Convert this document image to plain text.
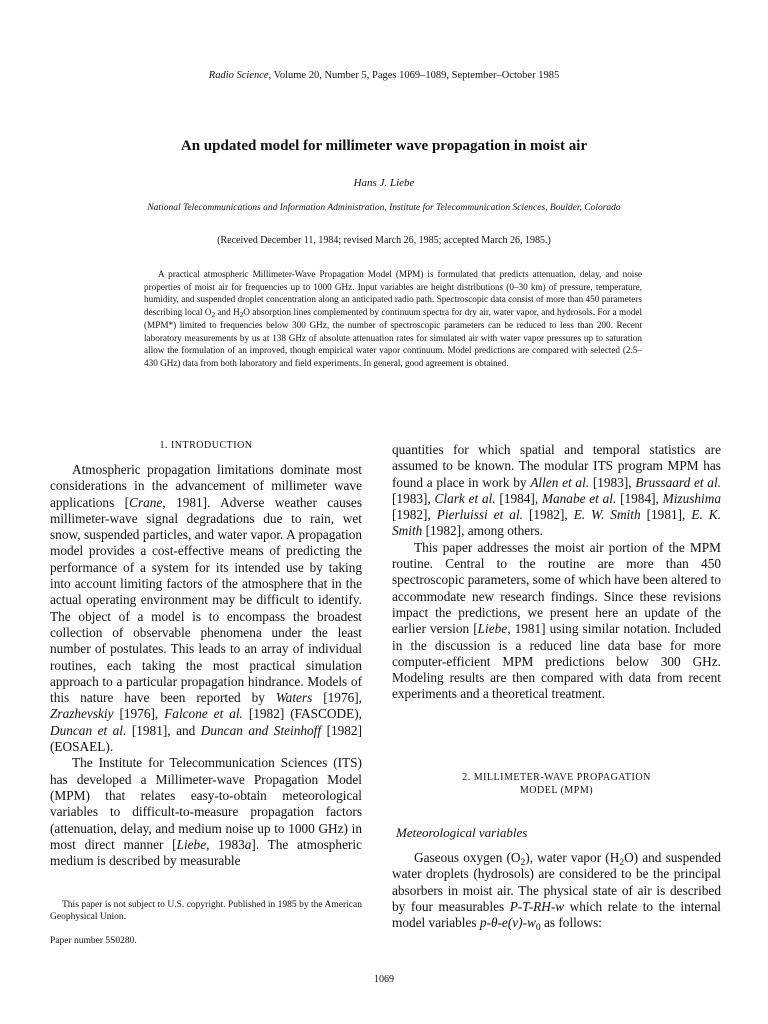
Radio Science, Volume 20, Number 5, Pages 1069–1089, September–October 1985
An updated model for millimeter wave propagation in moist air
Hans J. Liebe
National Telecommunications and Information Administration, Institute for Telecommunication Sciences, Boulder, Colorado
(Received December 11, 1984; revised March 26, 1985; accepted March 26, 1985.)

A practical atmospheric Millimeter-Wave Propagation Model (MPM) is formulated that predicts attenuation, delay, and noise properties of moist air for frequencies up to 1000 GHz. Input variables are height distributions (0–30 km) of pressure, temperature, humidity, and suspended droplet concentration along an anticipated radio path. Spectroscopic data consist of more than 450 parameters describing local $O_2$ and $H_2O$ absorption lines complemented by continuum spectra for dry air, water vapor, and hydrosols. For a model (MPM*) limited to frequencies below 300 GHz, the number of spectroscopic parameters can be reduced to less than 200. Recent laboratory measurements by us at 138 GHz of absolute attenuation rates for simulated air with water vapor pressures up to saturation allow the formulation of an improved, though empirical water vapor continuum. Model predictions are compared with selected (2.5–430 GHz) data from both laboratory and field experiments. In general, good agreement is obtained.

1. INTRODUCTION

Atmospheric propagation limitations dominate most considerations in the advancement of millimeter wave applications [Crane, 1981]. Adverse weather causes millimeter-wave signal degradations due to rain, wet snow, suspended particles, and water vapor. A propagation model provides a cost-effective means of predicting the performance of a system for its intended use by taking into account limiting factors of the atmosphere that in the actual operating environment may be difficult to identify. The object of a model is to encompass the broadest collection of observable phenomena under the least number of postulates. This leads to an array of individual routines, each taking the most practical simulation approach to a particular propagation hindrance. Models of this nature have been reported by Waters [1976], Zrazhevskiy [1976], Falcone et al. [1982] (FASCODE), Duncan et al. [1981], and Duncan and Steinhoff [1982] (EOSAEL).

The Institute for Telecommunication Sciences (ITS) has developed a Millimeter-wave Propagation Model (MPM) that relates easy-to-obtain meteorological variables to difficult-to-measure propagation factors (attenuation, delay, and medium noise up to 1000 GHz) in most direct manner [Liebe, 1983a]. The atmospheric medium is described by measurable

quantities for which spatial and temporal statistics are assumed to be known. The modular ITS program MPM has found a place in work by Allen et al. [1983], Brussaard et al. [1983], Clark et al. [1984], Manabe et al. [1984], Mizushima [1982], Pierluissi et al. [1982], E. W. Smith [1981], E. K. Smith [1982], among others.

This paper addresses the moist air portion of the MPM routine. Central to the routine are more than 450 spectroscopic parameters, some of which have been altered to accommodate new research findings. Since these revisions impact the predictions, we present here an update of the earlier version [Liebe, 1981] using similar notation. Included in the discussion is a reduced line data base for more computer-efficient MPM predictions below 300 GHz. Modeling results are then compared with data from recent experiments and a theoretical treatment.

2. MILLIMETER-WAVE PROPAGATION
MODEL (MPM)
Meteorological variables

Gaseous oxygen $(O_2)$, water vapor $(H_2O)$ and suspended water droplets (hydrosols) are considered to be the principal absorbers in moist air. The physical state of air is described by four measurables P-T-RH-w which relate to the internal model variables $p-\theta-e(v)-w_0$ as follows:

This paper is not subject to U.S. copyright. Published in 1985 by the American Geophysical Union.
Paper number 5S0280.
1069
